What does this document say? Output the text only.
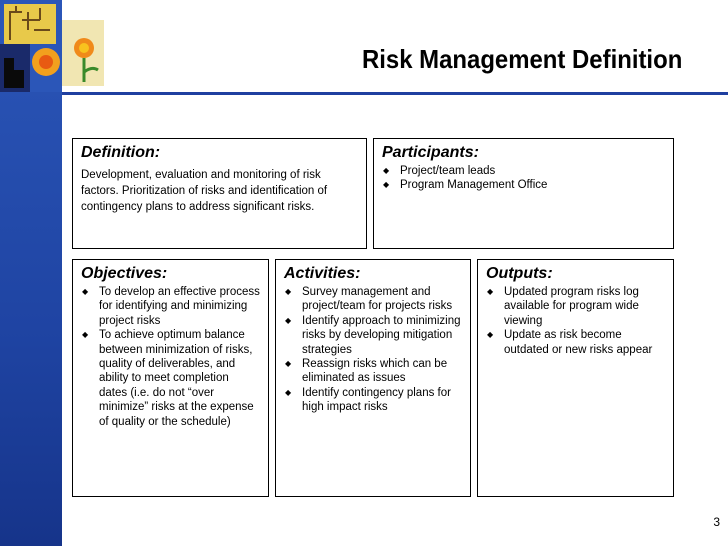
Risk Management Definition
Definition:
Development, evaluation and monitoring of risk factors. Prioritization of risks and identification of contingency plans to address significant risks.
Participants:
◆ Project/team leads
◆ Program Management Office
Objectives:
◆ To develop an effective process for identifying and minimizing project risks
◆ To achieve optimum balance between minimization of risks, quality of deliverables, and ability to meet completion dates (i.e. do not “over minimize” risks at the expense of quality or the schedule)
Activities:
◆ Survey management and project/team for projects risks
◆ Identify approach to minimizing risks by developing mitigation strategies
◆ Reassign risks which can be eliminated as issues
◆ Identify contingency plans for high impact risks
Outputs:
◆ Updated program risks log available for program wide viewing
◆ Update as risk become outdated or new risks appear
3
